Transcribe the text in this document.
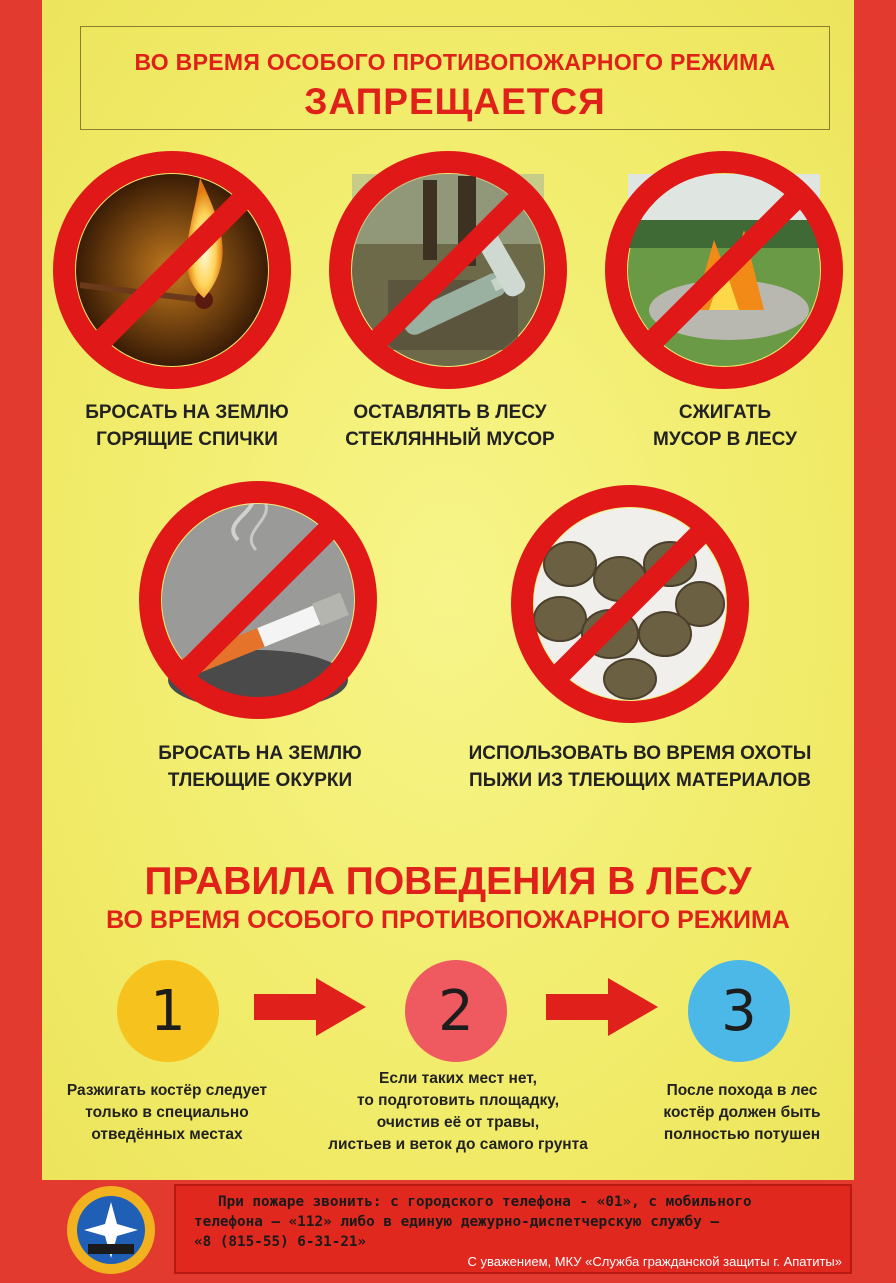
ВО ВРЕМЯ ОСОБОГО ПРОТИВОПОЖАРНОГО РЕЖИМА
ЗАПРЕЩАЕТСЯ
БРОСАТЬ НА ЗЕМЛЮ
ГОРЯЩИЕ СПИЧКИ
ОСТАВЛЯТЬ В ЛЕСУ
СТЕКЛЯННЫЙ МУСОР
СЖИГАТЬ
МУСОР В ЛЕСУ
БРОСАТЬ НА ЗЕМЛЮ
ТЛЕЮЩИЕ ОКУРКИ
ИСПОЛЬЗОВАТЬ ВО ВРЕМЯ ОХОТЫ
ПЫЖИ ИЗ ТЛЕЮЩИХ МАТЕРИАЛОВ
ПРАВИЛА ПОВЕДЕНИЯ В ЛЕСУ
ВО ВРЕМЯ ОСОБОГО ПРОТИВОПОЖАРНОГО РЕЖИМА
1	2	3
Разжигать костёр следует
только в специально
отведённых местах
Если таких мест нет,
то подготовить площадку,
очистив её от травы,
листьев и веток до самого грунта
После похода в лес
костёр должен быть
полностью потушен
При пожаре звонить: с городского телефона - «01», с мобильного
телефона – «112» либо в единую дежурно-диспетчерскую службу –
«8 (815-55) 6-31-21»
С уважением, МКУ «Служба гражданской защиты г. Апатиты»
